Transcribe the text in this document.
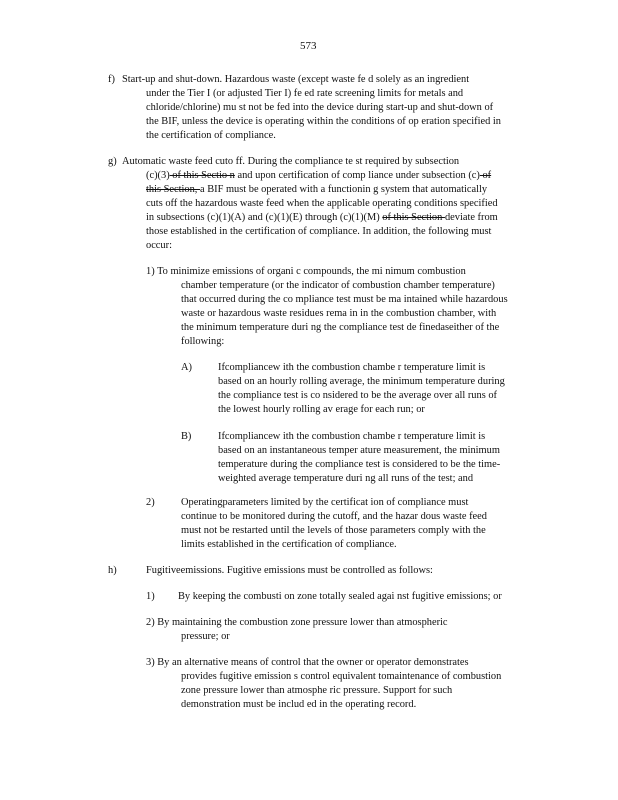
573
f) Start-up and shut-down. Hazardous waste (except waste fe d solely as an ingredient
under the Tier I (or adjusted Tier I) fe ed rate screening limits for metals and
chloride/chlorine) mu st not be fed into the device during start-up and shut-down of
the BIF, unless the device is operating within the conditions of op eration specified in
the certification of compliance.
g) Automatic waste feed cuto ff. During the compliance te st required by subsection
(c)(3) of this Sectio n and upon certification of comp liance under subsection (c) of
this Section, a BIF must be operated with a functionin g system that automatically
cuts off the hazardous waste feed when the applicable operating conditions specified
in subsections (c)(1)(A) and (c)(1)(E) through (c)(1)(M) of this Section deviate from
those established in the certification of compliance. In addition, the following must
occur:
1) To minimize emissions of organi c compounds, the mi nimum combustion
chamber temperature (or the indicator of combustion chamber temperature)
that occurred during the co mpliance test must be ma intained while hazardous
waste or hazardous waste residues rema in in the combustion chamber, with
the minimum temperature duri ng the compliance test de finedaseither of the
following:
A)	Ifcompliancew ith the combustion chambe r temperature limit is
based on an hourly rolling average, the minimum temperature during
the compliance test is co nsidered to be the average over all runs of
the lowest hourly rolling av erage for each run; or
B)	Ifcompliancew ith the combustion chambe r temperature limit is
based on an instantaneous temper ature measurement, the minimum
temperature during the compliance test is considered to be the time-
weighted average temperature duri ng all runs of the test; and
2)	Operatingparameters limited by the certificat ion of compliance must
continue to be monitored during the cutoff, and the hazar dous waste feed
must not be restarted until the levels of those parameters comply with the
limits established in the certification of compliance.
h)	Fugitiveemissions. Fugitive emissions must be controlled as follows:
1) By keeping the combusti on zone totally sealed agai nst fugitive emissions; or
2) By maintaining the combustion zone pressure lower than atmospheric
pressure; or
3) By an alternative means of control that the owner or operator demonstrates
provides fugitive emission s control equivalent tomaintenance of combustion
zone pressure lower than atmosphe ric pressure. Support for such
demonstration must be includ ed in the operating record.
